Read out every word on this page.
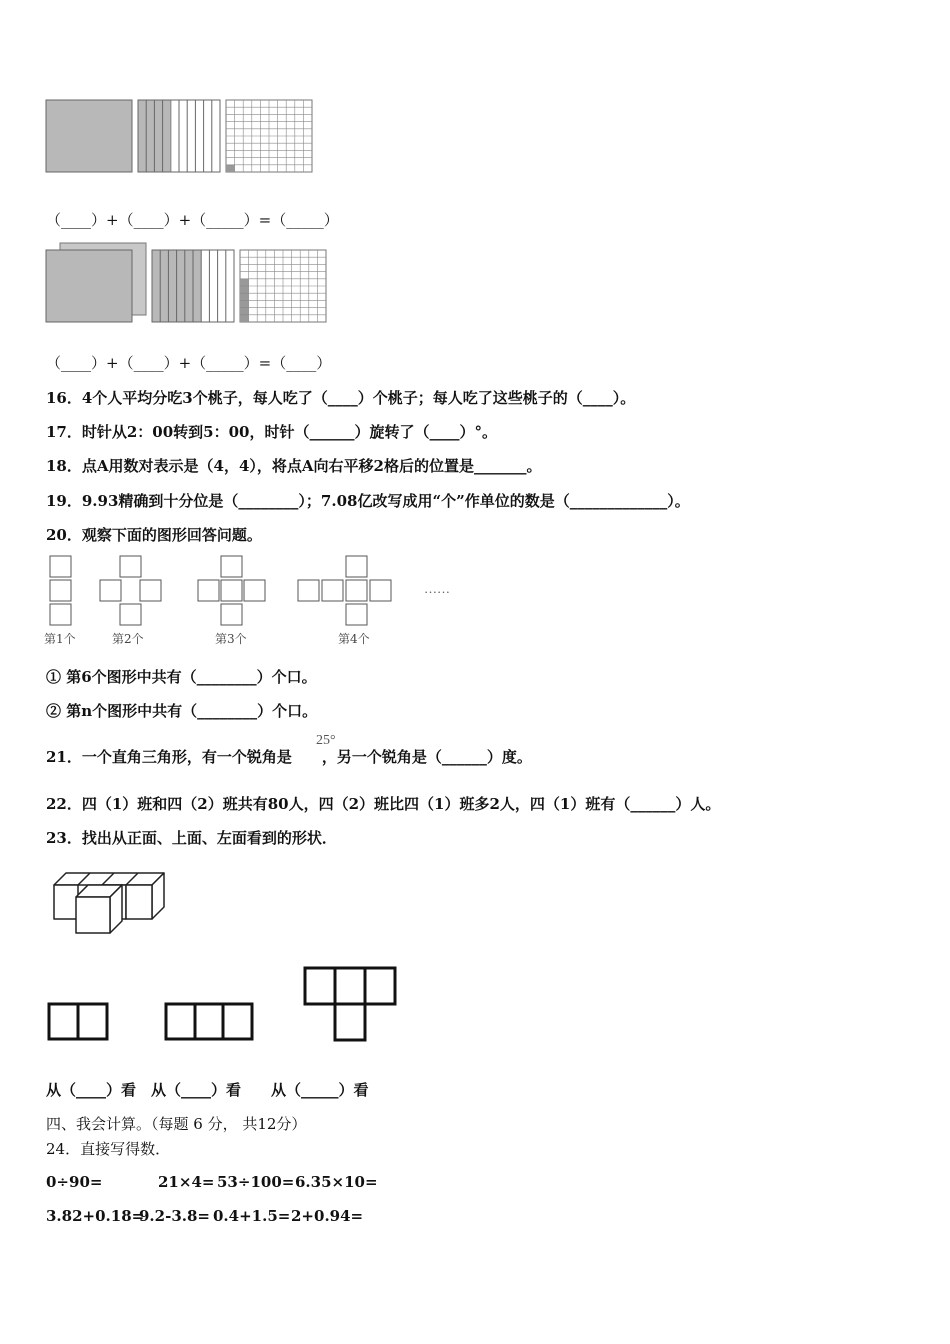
（____）+（____）+（_____）=（_____）
（____）+（____）+（_____）=（____）
16．4个人平均分吃3个桃子，每人吃了（____）个桃子；每人吃了这些桃子的（____）。
17．时针从2：00转到5：00，时针（______）旋转了（____）°。
18．点A用数对表示是（4，4），将点A向右平移2格后的位置是_______。
19．9.93精确到十分位是（________）；7.08亿改写成用“个”作单位的数是（_____________）。
20．观察下面的图形回答问题。
……
第1个	第2个	第3个	第4个
① 第6个图形中共有（________）个口。
② 第n个图形中共有（________）个口。
21．一个直角三角形，有一个锐角是 ，另一个锐角是（______）度。
25°
22．四（1）班和四（2）班共有80人，四（2）班比四（1）班多2人，四（1）班有（______）人。
23．找出从正面、上面、左面看到的形状．
从（____）看　从（____）看　　从（_____）看
四、我会计算。（每题 6 分， 共12分）
24．直接写得数．
0÷90=	21×4= 53÷100= 6.35×10=
3.82+0.18=
9.2-3.8= 0.4+1.5= 2+0.94=
